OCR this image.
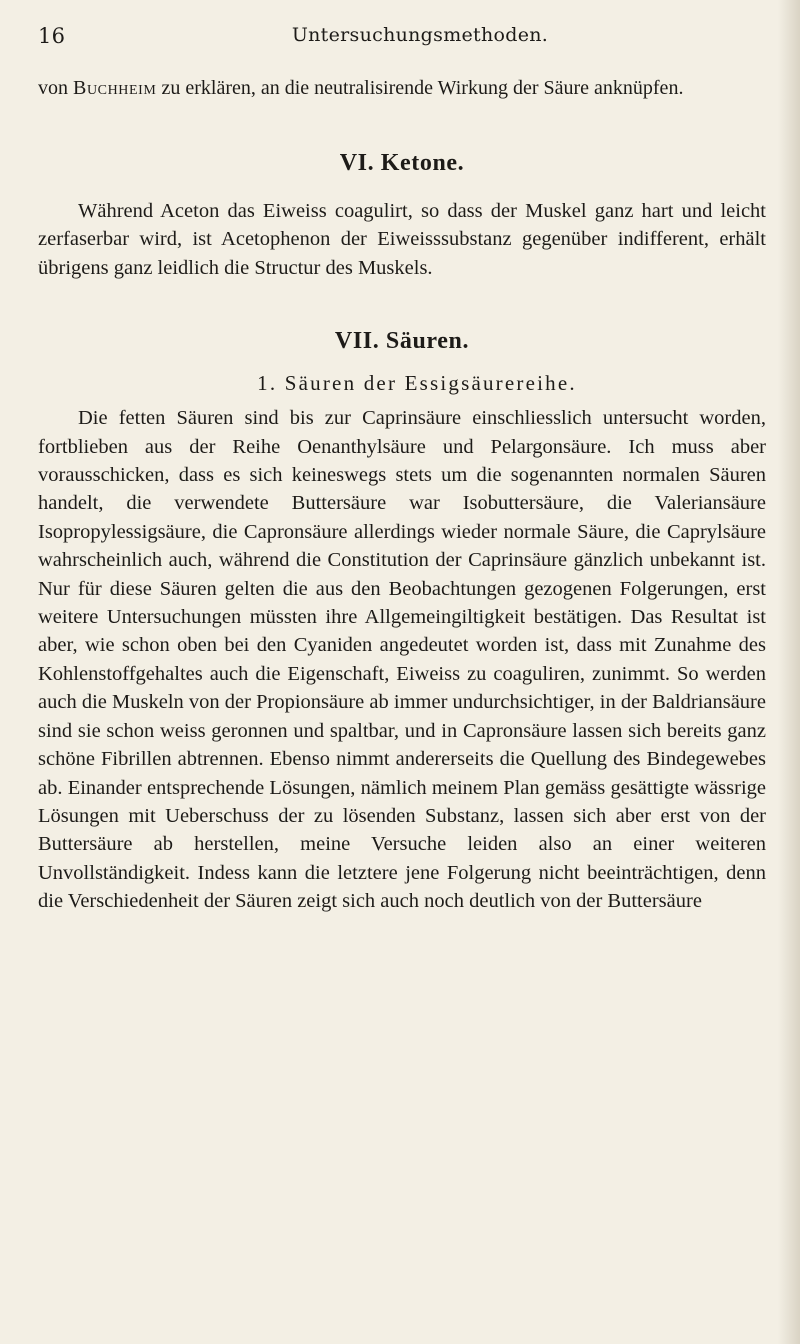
16	Untersuchungsmethoden.

von Buchheim zu erklären, an die neutralisirende Wirkung der Säure anknüpfen.

VI. Ketone.

Während Aceton das Eiweiss coagulirt, so dass der Muskel ganz hart und leicht zerfaserbar wird, ist Acetophenon der Eiweisssubstanz gegenüber indifferent, erhält übrigens ganz leidlich die Structur des Muskels.

VII. Säuren.

1. Säuren der Essigsäurereihe.

Die fetten Säuren sind bis zur Caprinsäure einschliesslich untersucht worden, fortblieben aus der Reihe Oenanthylsäure und Pelargonsäure. Ich muss aber vorausschicken, dass es sich keineswegs stets um die sogenannten normalen Säuren handelt, die verwendete Buttersäure war Isobuttersäure, die Valeriansäure Isopropylessigsäure, die Capronsäure allerdings wieder normale Säure, die Caprylsäure wahrscheinlich auch, während die Constitution der Caprinsäure gänzlich unbekannt ist. Nur für diese Säuren gelten die aus den Beobachtungen gezogenen Folgerungen, erst weitere Untersuchungen müssten ihre Allgemeingiltigkeit bestätigen. Das Resultat ist aber, wie schon oben bei den Cyaniden angedeutet worden ist, dass mit Zunahme des Kohlenstoffgehaltes auch die Eigenschaft, Eiweiss zu coaguliren, zunimmt. So werden auch die Muskeln von der Propionsäure ab immer undurchsichtiger, in der Baldriansäure sind sie schon weiss geronnen und spaltbar, und in Capronsäure lassen sich bereits ganz schöne Fibrillen abtrennen. Ebenso nimmt andererseits die Quellung des Bindegewebes ab. Einander entsprechende Lösungen, nämlich meinem Plan gemäss gesättigte wässrige Lösungen mit Ueberschuss der zu lösenden Substanz, lassen sich aber erst von der Buttersäure ab herstellen, meine Versuche leiden also an einer weiteren Unvollständigkeit. Indess kann die letztere jene Folgerung nicht beeinträchtigen, denn die Verschiedenheit der Säuren zeigt sich auch noch deutlich von der Buttersäure
